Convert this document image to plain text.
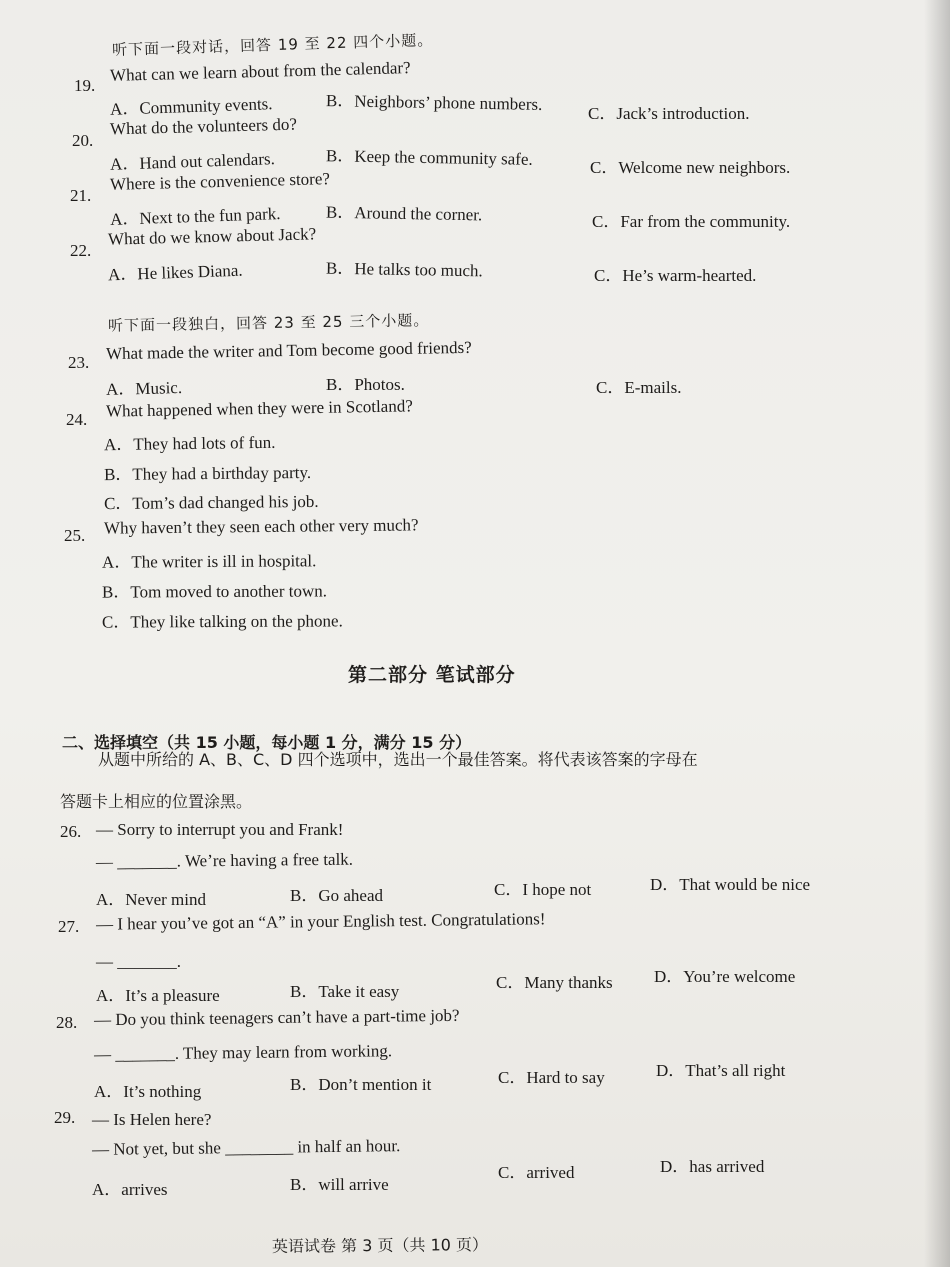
听下面一段对话，回答 19 至 22 四个小题。
19.
What can we learn about from the calendar?
A．Community events.	B．Neighbors’ phone numbers.	C．Jack’s introduction.
20.
What do the volunteers do?
A．Hand out calendars.	B．Keep the community safe.	C．Welcome new neighbors.
21.
Where is the convenience store?
A．Next to the fun park.	B．Around the corner.	C．Far from the community.
22.
What do we know about Jack?
A．He likes Diana.	B．He talks too much.	C．He’s warm-hearted.
听下面一段独白，回答 23 至 25 三个小题。
23. What made the writer and Tom become good friends?
A．Music.	B．Photos.	C．E-mails.
24. What happened when they were in Scotland?
A．They had lots of fun.
B．They had a birthday party.
C．Tom’s dad changed his job.
25. Why haven’t they seen each other very much?
A．The writer is ill in hospital.
B．Tom moved to another town.
C．They like talking on the phone.
第二部分 笔试部分
二、选择填空（共 15 小题，每小题 1 分，满分 15 分）
从题中所给的 A、B、C、D 四个选项中，选出一个最佳答案。将代表该答案的字母在
答题卡上相应的位置涂黑。
26. — Sorry to interrupt you and Frank!
— _______. We’re having a free talk.
A．Never mind	B．Go ahead	C．I hope not	D．That would be nice
27. — I hear you’ve got an “A” in your English test. Congratulations!
— _______.
A．It’s a pleasure	B．Take it easy	C．Many thanks D．You’re welcome
28. — Do you think teenagers can’t have a part-time job?
— _______. They may learn from working.
A．It’s nothing	B．Don’t mention it	C．Hard to say	D．That’s all right
29. — Is Helen here?
— Not yet, but she ________ in half an hour.
A．arrives	B．will arrive
C．arrived	D．has arrived
英语试卷 第 3 页（共 10 页）
